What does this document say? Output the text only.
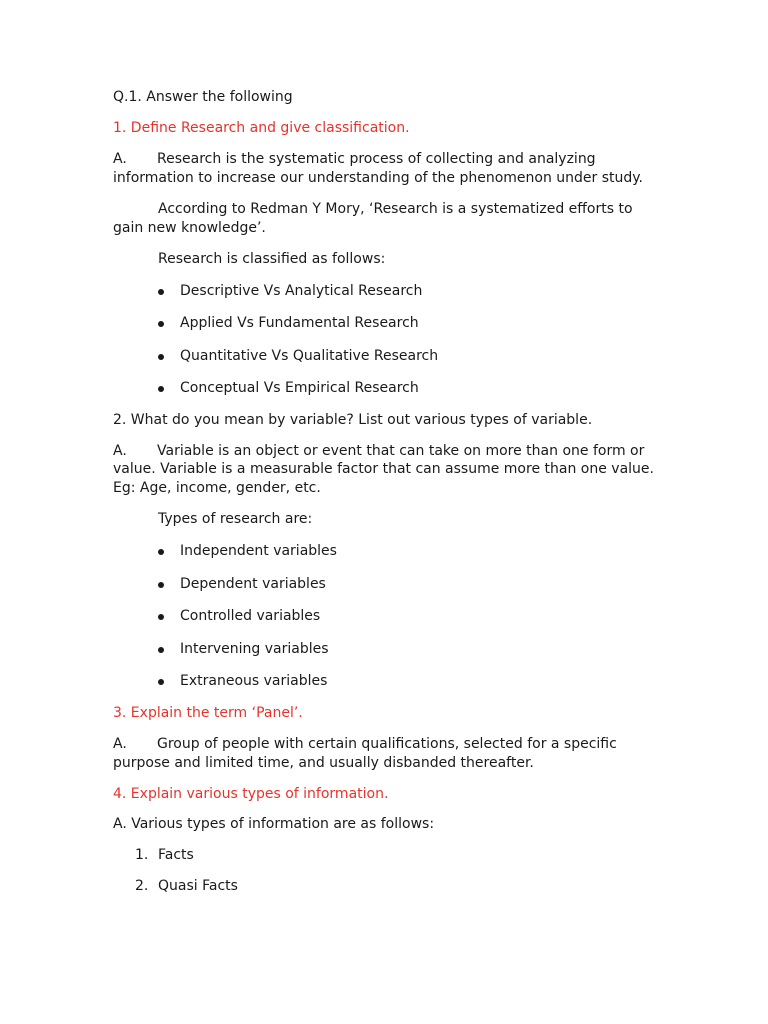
Q.1. Answer the following
1. Define Research and give classification.
A. Research is the systematic process of collecting and analyzing
information to increase our understanding of the phenomenon under study.
According to Redman Y Mory, ‘Research is a systematized efforts to
gain new knowledge’.
Research is classified as follows:
Descriptive Vs Analytical Research
Applied Vs Fundamental Research
Quantitative Vs Qualitative Research
Conceptual Vs Empirical Research
2. What do you mean by variable? List out various types of variable.
A. Variable is an object or event that can take on more than one form or
value. Variable is a measurable factor that can assume more than one value.
Eg: Age, income, gender, etc.
Types of research are:
Independent variables
Dependent variables
Controlled variables
Intervening variables
Extraneous variables
3. Explain the term ‘Panel’.
A. Group of people with certain qualifications, selected for a specific
purpose and limited time, and usually disbanded thereafter.
4. Explain various types of information.
A. Various types of information are as follows:
1. Facts
2. Quasi Facts
